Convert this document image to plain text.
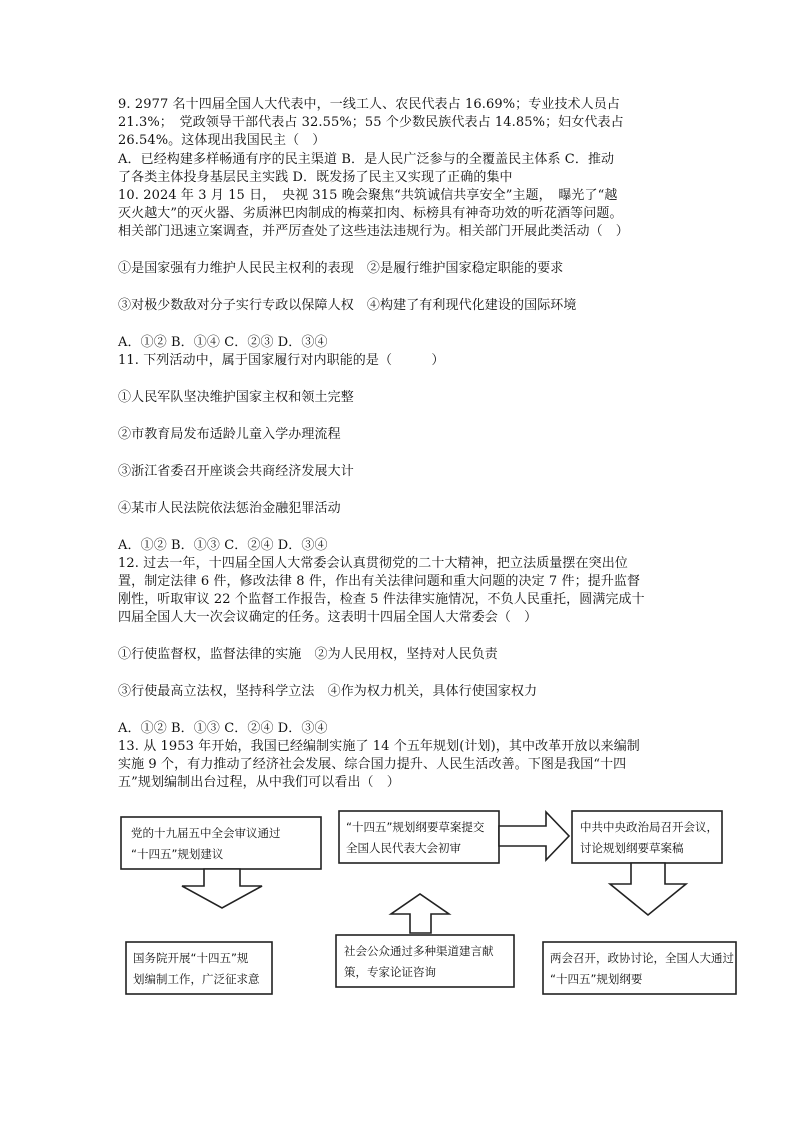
9. 2977 名十四届全国人大代表中，一线工人、农民代表占 16.69%；专业技术人员占
21.3%；　党政领导干部代表占 32.55%；55 个少数民族代表占 14.85%；妇女代表占
26.54%。这体现出我国民主（　）
A．已经构建多样畅通有序的民主渠道 B．是人民广泛参与的全覆盖民主体系 C．推动
了各类主体投身基层民主实践 D．既发扬了民主又实现了正确的集中
10. 2024 年 3 月 15 日，　央视 315 晚会聚焦“共筑诚信共享安全”主题，　曝光了“越
灭火越大”的灭火器、劣质淋巴肉制成的梅菜扣肉、标榜具有神奇功效的听花酒等问题。
相关部门迅速立案调查，并严厉查处了这些违法违规行为。相关部门开展此类活动（　）
①是国家强有力维护人民民主权利的表现　②是履行维护国家稳定职能的要求
③对极少数敌对分子实行专政以保障人权　④构建了有利现代化建设的国际环境
A．①② B．①④ C．②③ D．③④
11. 下列活动中，属于国家履行对内职能的是（　　　）
①人民军队坚决维护国家主权和领土完整
②市教育局发布适龄儿童入学办理流程
③浙江省委召开座谈会共商经济发展大计
④某市人民法院依法惩治金融犯罪活动
A．①② B．①③ C．②④ D．③④
12. 过去一年，十四届全国人大常委会认真贯彻党的二十大精神，把立法质量摆在突出位
置，制定法律 6 件，修改法律 8 件，作出有关法律问题和重大问题的决定 7 件；提升监督
刚性，听取审议 22 个监督工作报告，检查 5 件法律实施情况，不负人民重托，圆满完成十
四届全国人大一次会议确定的任务。这表明十四届全国人大常委会（　）
①行使监督权，监督法律的实施　②为人民用权，坚持对人民负责
③行使最高立法权，坚持科学立法　④作为权力机关，具体行使国家权力
A．①② B．①③ C．②④ D．③④
13. 从 1953 年开始，我国已经编制实施了 14 个五年规划(计划)，其中改革开放以来编制
实施 9 个，有力推动了经济社会发展、综合国力提升、人民生活改善。下图是我国“十四
五”规划编制出台过程，从中我们可以看出（　）
党的十九届五中全会审议通过
“十四五”规划建议
“十四五”规划纲要草案提交
全国人民代表大会初审
中共中央政治局召开会议，
讨论规划纲要草案稿
国务院开展“十四五”规
划编制工作，广泛征求意
社会公众通过多种渠道建言献
策，专家论证咨询
两会召开，政协讨论，全国人大通过
“十四五”规划纲要
